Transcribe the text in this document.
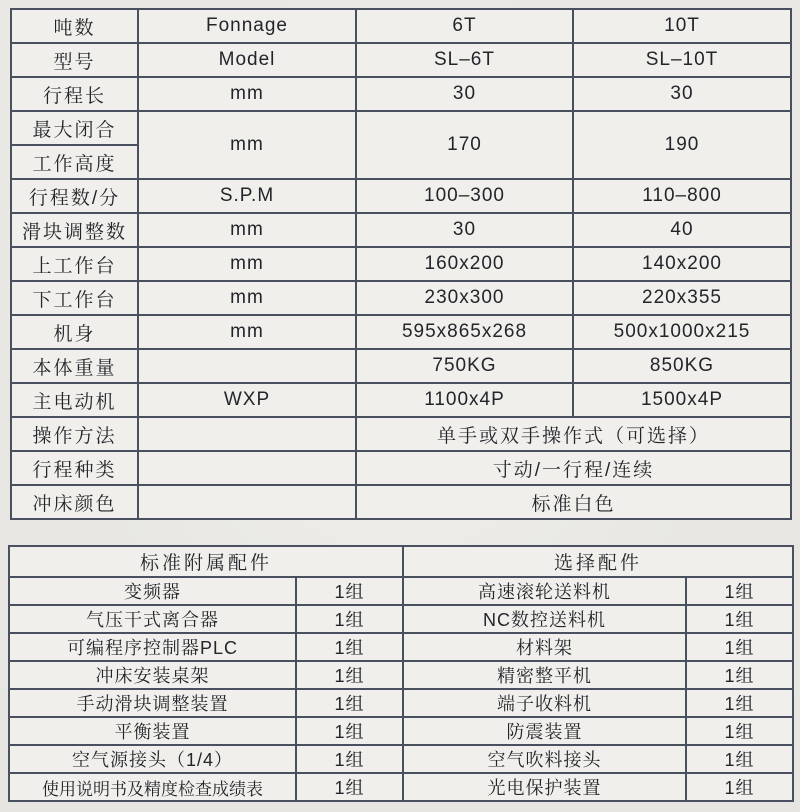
吨数	Fonnage	6T	10T
型号	Model	SL–6T	SL–10T
行程长	mm	30	30
最大闭合	mm	170	190
工作高度			
行程数/分	S.P.M	100–300	110–800
滑块调整数	mm	30	40
上工作台	mm	160x200	140x200
下工作台	mm	230x300	220x355
机身	mm	595x865x268	500x1000x215
本体重量		750KG	850KG
主电动机	WXP	1100x4P	1500x4P
操作方法		单手或双手操作式（可选择）	
行程种类		寸动/一行程/连续	
冲床颜色		标准白色	
标准附属配件		选择配件	
变频器	1组	高速滚轮送料机	1组
气压干式离合器	1组	NC数控送料机	1组
可编程序控制器PLC	1组	材料架	1组
冲床安装桌架	1组	精密整平机	1组
手动滑块调整装置	1组	端子收料机	1组
平衡装置	1组	防震装置	1组
空气源接头（1/4）	1组	空气吹料接头	1组
使用说明书及精度检查成绩表	1组	光电保护装置	1组
